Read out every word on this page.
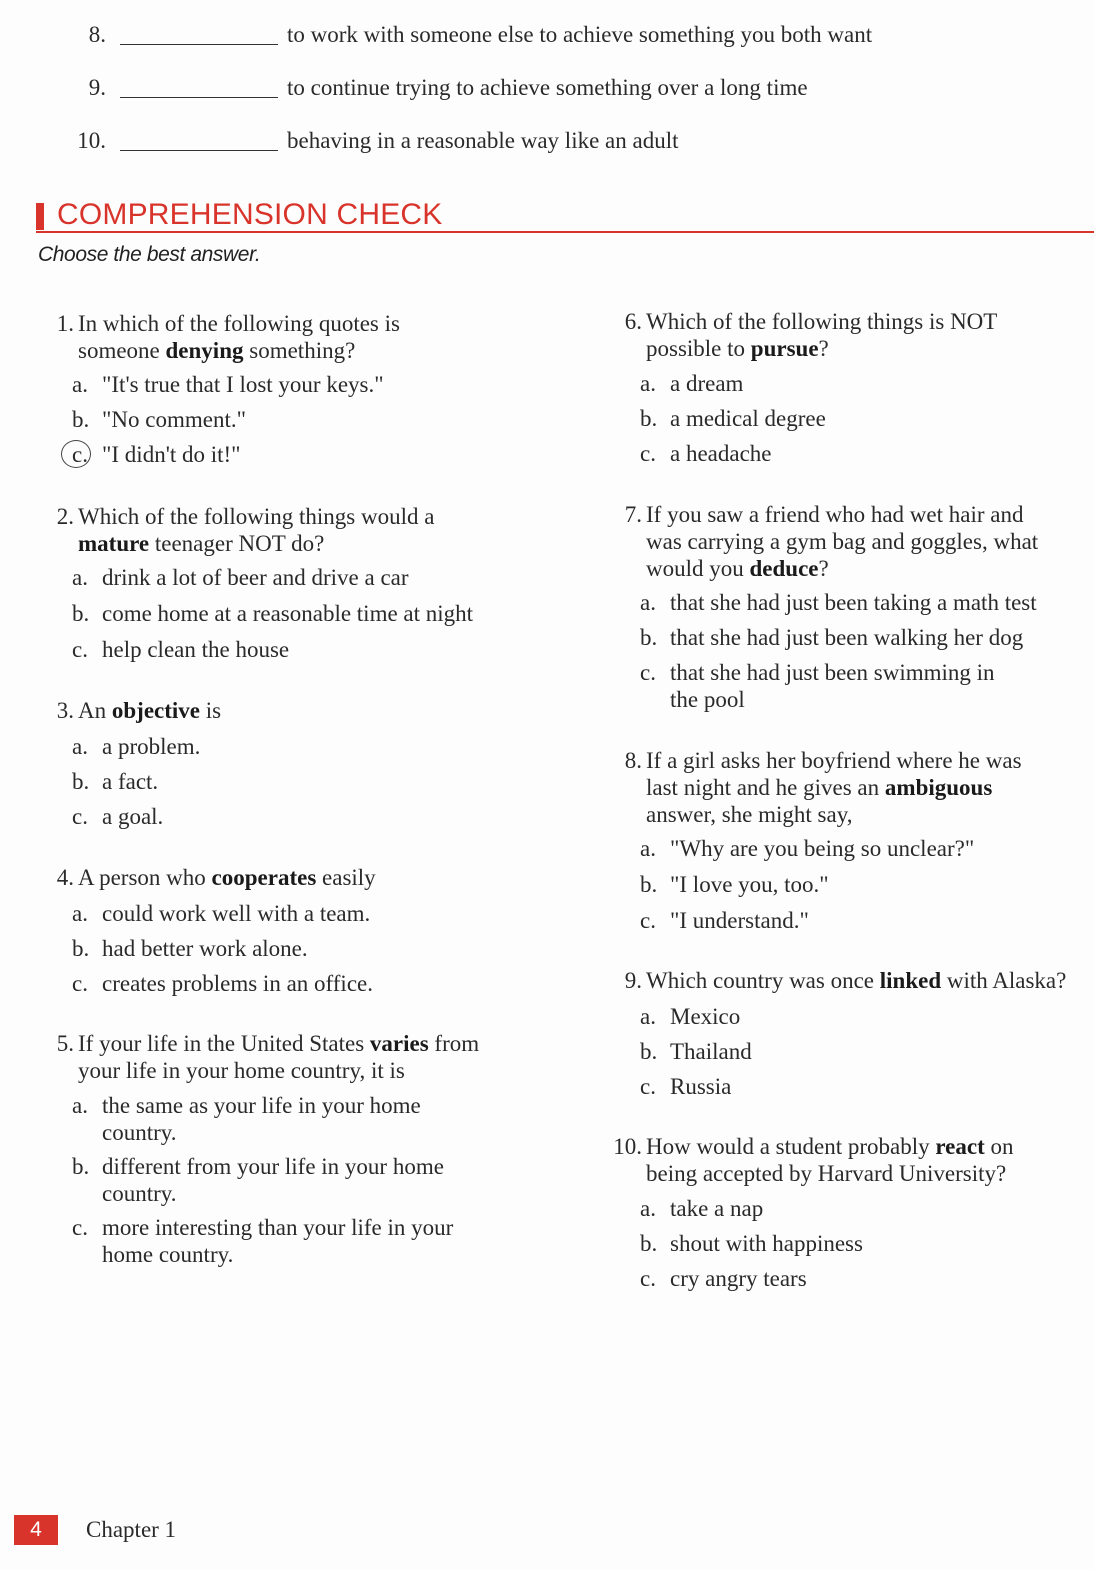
8.	to work with someone else to achieve something you both want
9.	to continue trying to achieve something over a long time
10.	behaving in a reasonable way like an adult
COMPREHENSION CHECK
Choose the best answer.
1. In which of the following quotes is
someone denying something?
a. "It's true that I lost your keys."
b. "No comment."
c. "I didn't do it!"
2. Which of the following things would a
mature teenager NOT do?
a. drink a lot of beer and drive a car
b. come home at a reasonable time at night
c. help clean the house
3. An objective is
a. a problem.
b. a fact.
c. a goal.
4. A person who cooperates easily
a. could work well with a team.
b. had better work alone.
c. creates problems in an office.
5. If your life in the United States varies from
your life in your home country, it is
a. the same as your life in your home
country.
b. different from your life in your home
country.
c. more interesting than your life in your
home country.
6. Which of the following things is NOT
possible to pursue?
a. a dream
b. a medical degree
c. a headache
7. If you saw a friend who had wet hair and
was carrying a gym bag and goggles, what
would you deduce?
a. that she had just been taking a math test
b. that she had just been walking her dog
c. that she had just been swimming in
the pool
8. If a girl asks her boyfriend where he was
last night and he gives an ambiguous
answer, she might say,
a. "Why are you being so unclear?"
b. "I love you, too."
c. "I understand."
9. Which country was once linked with Alaska?
a. Mexico
b. Thailand
c. Russia
10. How would a student probably react on
being accepted by Harvard University?
a. take a nap
b. shout with happiness
c. cry angry tears
4	Chapter 1
